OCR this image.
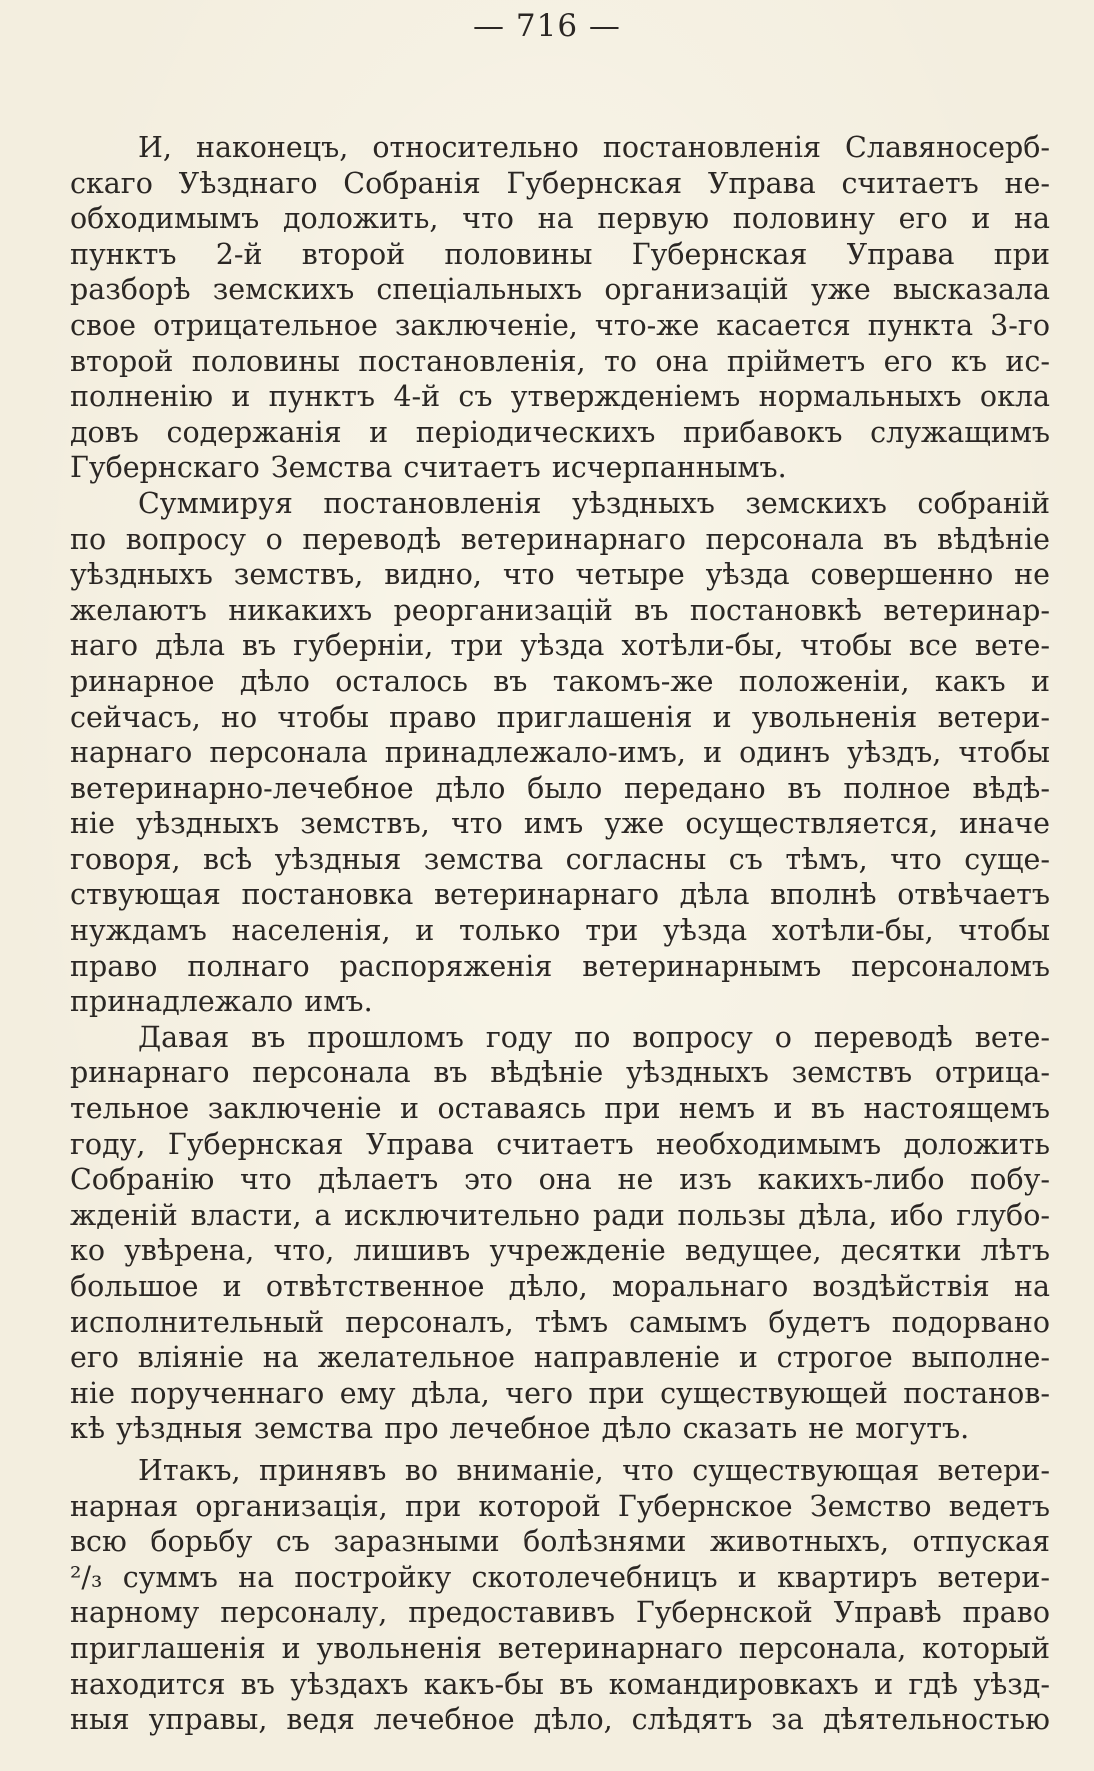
— 716 —
И, наконецъ, относительно постановленія Славяносерб-
скаго Уѣзднаго Собранія Губернская Управа считаетъ не-
обходимымъ доложить, что на первую половину его и на
пунктъ 2-й второй половины Губернская Управа при
разборѣ земскихъ спеціальныхъ организацій уже высказала
свое отрицательное заключеніе, что-же касается пункта 3-го
второй половины постановленія, то она прійметъ его къ ис-
полненію и пунктъ 4-й съ утвержденіемъ нормальныхъ окла
довъ содержанія и періодическихъ прибавокъ служащимъ
Губернскаго Земства считаетъ исчерпаннымъ.
Суммируя постановленія уѣздныхъ земскихъ собраній
по вопросу о переводѣ ветеринарнаго персонала въ вѣдѣніе
уѣздныхъ земствъ, видно, что четыре уѣзда совершенно не
желаютъ никакихъ реорганизацій въ постановкѣ ветеринар-
наго дѣла въ губерніи, три уѣзда хотѣли-бы, чтобы все вете-
ринарное дѣло осталось въ такомъ-же положеніи, какъ и
сейчасъ, но чтобы право приглашенія и увольненія ветери-
нарнаго персонала принадлежало-имъ, и одинъ уѣздъ, чтобы
ветеринарно-лечебное дѣло было передано въ полное вѣдѣ-
ніе уѣздныхъ земствъ, что имъ уже осуществляется, иначе
говоря, всѣ уѣздныя земства согласны съ тѣмъ, что суще-
ствующая постановка ветеринарнаго дѣла вполнѣ отвѣчаетъ
нуждамъ населенія, и только три уѣзда хотѣли-бы, чтобы
право полнаго распоряженія ветеринарнымъ персоналомъ
принадлежало имъ.
Давая въ прошломъ году по вопросу о переводѣ вете-
ринарнаго персонала въ вѣдѣніе уѣздныхъ земствъ отрица-
тельное заключеніе и оставаясь при немъ и въ настоящемъ
году, Губернская Управа считаетъ необходимымъ доложить
Собранію что дѣлаетъ это она не изъ какихъ-либо побу-
жденій власти, а исключительно ради пользы дѣла, ибо глубо-
ко увѣрена, что, лишивъ учрежденіе ведущее, десятки лѣтъ
большое и отвѣтственное дѣло, моральнаго воздѣйствія на
исполнительный персоналъ, тѣмъ самымъ будетъ подорвано
его вліяніе на желательное направленіе и строгое выполне-
ніе порученнаго ему дѣла, чего при существующей постанов-
кѣ уѣздныя земства про лечебное дѣло сказать не могутъ.
Итакъ, принявъ во вниманіе, что существующая ветери-
нарная организація, при которой Губернское Земство ведетъ
всю борьбу съ заразными болѣзнями животныхъ, отпуская
²/₃ суммъ на постройку скотолечебницъ и квартиръ ветери-
нарному персоналу, предоставивъ Губернской Управѣ право
приглашенія и увольненія ветеринарнаго персонала, который
находится въ уѣздахъ какъ-бы въ командировкахъ и гдѣ уѣзд-
ныя управы, ведя лечебное дѣло, слѣдятъ за дѣятельностью
